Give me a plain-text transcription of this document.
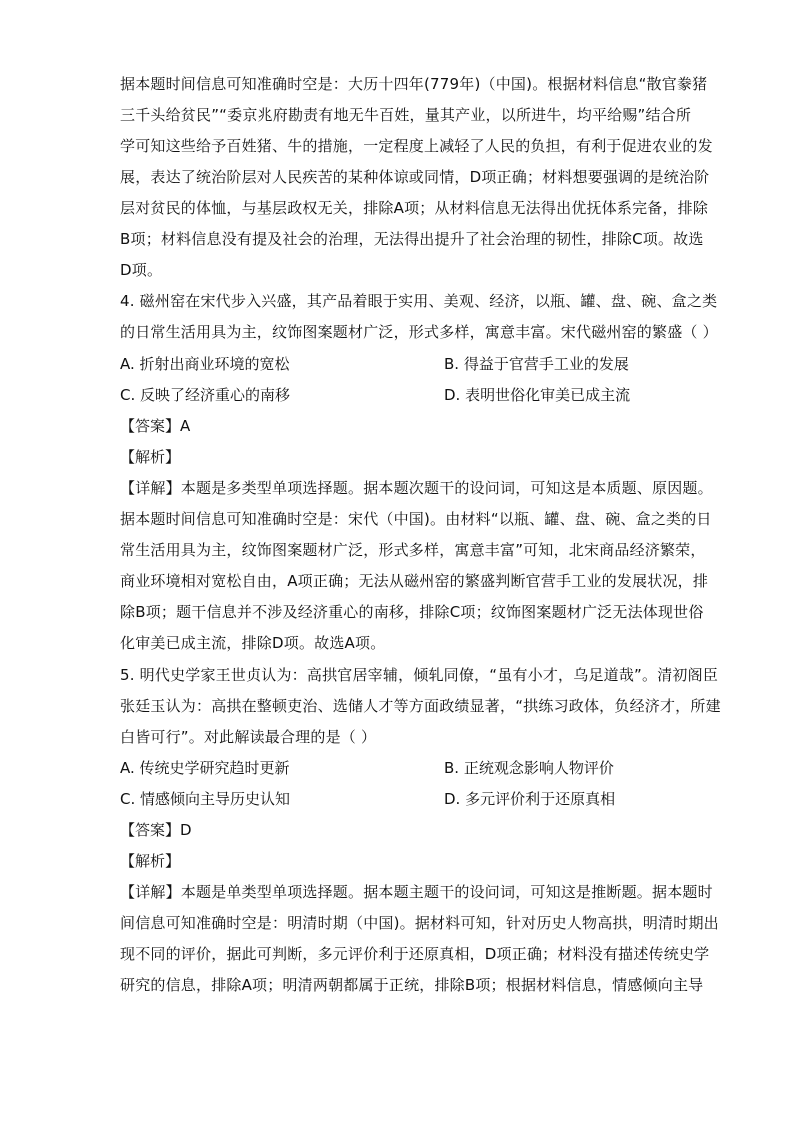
据本题时间信息可知准确时空是：大历十四年(779年)（中国)。根据材料信息“散官豢猪
三千头给贫民”“委京兆府勘责有地无牛百姓，量其产业，以所进牛，均平给赐”结合所
学可知这些给予百姓猪、牛的措施，一定程度上减轻了人民的负担，有利于促进农业的发
展，表达了统治阶层对人民疾苦的某种体谅或同情，D项正确；材料想要强调的是统治阶
层对贫民的体恤，与基层政权无关，排除A项；从材料信息无法得出优抚体系完备，排除
B项；材料信息没有提及社会的治理，无法得出提升了社会治理的韧性，排除C项。故选
D项。
4. 磁州窑在宋代步入兴盛，其产品着眼于实用、美观、经济，以瓶、罐、盘、碗、盒之类
的日常生活用具为主，纹饰图案题材广泛，形式多样，寓意丰富。宋代磁州窑的繁盛（ ）
A. 折射出商业环境的宽松	B. 得益于官营手工业的发展
C. 反映了经济重心的南移	D. 表明世俗化审美已成主流
【答案】A
【解析】
【详解】本题是多类型单项选择题。据本题次题干的设问词，可知这是本质题、原因题。
据本题时间信息可知准确时空是：宋代（中国)。由材料“以瓶、罐、盘、碗、盒之类的日
常生活用具为主，纹饰图案题材广泛，形式多样，寓意丰富”可知，北宋商品经济繁荣，
商业环境相对宽松自由，A项正确；无法从磁州窑的繁盛判断官营手工业的发展状况，排
除B项；题干信息并不涉及经济重心的南移，排除C项；纹饰图案题材广泛无法体现世俗
化审美已成主流，排除D项。故选A项。
5. 明代史学家王世贞认为：高拱官居宰辅，倾轧同僚，“虽有小才，乌足道哉”。清初阁臣
张廷玉认为：高拱在整顿吏治、选储人才等方面政绩显著，“拱练习政体，负经济才，所建
白皆可行”。对此解读最合理的是（ ）
A. 传统史学研究趋时更新	B. 正统观念影响人物评价
C. 情感倾向主导历史认知	D. 多元评价利于还原真相
【答案】D
【解析】
【详解】本题是单类型单项选择题。据本题主题干的设问词，可知这是推断题。据本题时
间信息可知准确时空是：明清时期（中国)。据材料可知，针对历史人物高拱，明清时期出
现不同的评价，据此可判断，多元评价利于还原真相，D项正确；材料没有描述传统史学
研究的信息，排除A项；明清两朝都属于正统，排除B项；根据材料信息，情感倾向主导
